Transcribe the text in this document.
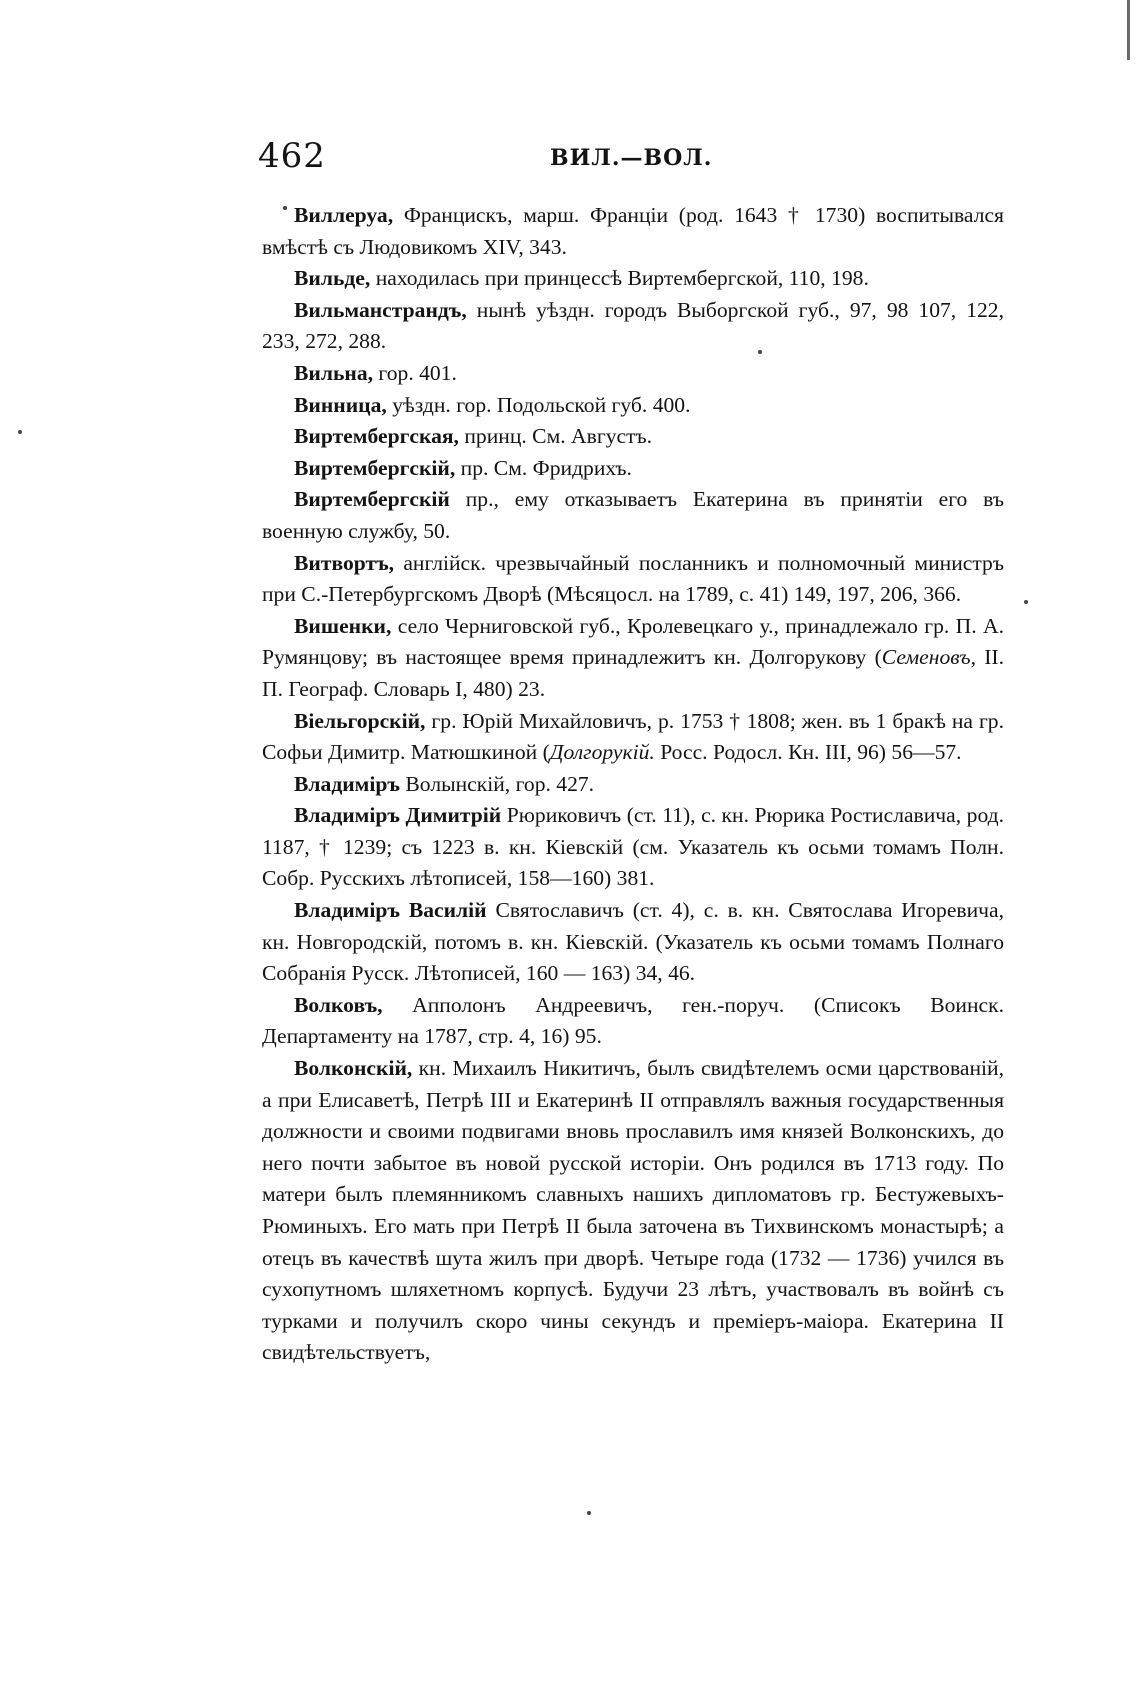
462	ВИЛ.—ВОЛ.

Виллеруа, Францискъ, марш. Франціи (род. 1643 † 1730) воспитывался вмѣстѣ съ Людовикомъ XIV, 343.

Вильде, находилась при принцессѣ Виртембергской, 110, 198.

Вильманстрандъ, нынѣ уѣздн. городъ Выборгской губ., 97, 98 107, 122, 233, 272, 288.

Вильна, гор. 401.

Винница, уѣздн. гор. Подольской губ. 400.

Виртембергская, принц. См. Августъ.

Виртембергскій, пр. См. Фридрихъ.

Виртембергскій пр., ему отказываетъ Екатерина въ принятіи его въ военную службу, 50.

Витвортъ, англійск. чрезвычайный посланникъ и полномочный министръ при С.-Петербургскомъ Дворѣ (Мѣсяцосл. на 1789, с. 41) 149, 197, 206, 366.

Вишенки, село Черниговской губ., Кролевецкаго у., принадлежало гр. П. А. Румянцову; въ настоящее время принадлежитъ кн. Долгорукову (Семеновъ, II. П. Географ. Словарь I, 480) 23.

Віельгорскій, гр. Юрій Михайловичъ, р. 1753 † 1808; жен. въ 1 бракѣ на гр. Софьи Димитр. Матюшкиной (Долгорукій. Росс. Родосл. Кн. III, 96) 56—57.

Владиміръ Волынскій, гор. 427.

Владиміръ Димитрій Рюриковичъ (ст. 11), с. кн. Рюрика Ростиславича, род. 1187, † 1239; съ 1223 в. кн. Кіевскій (см. Указатель къ осьми томамъ Полн. Собр. Русскихъ лѣтописей, 158—160) 381.

Владиміръ Василій Святославичъ (ст. 4), с. в. кн. Святослава Игоревича, кн. Новгородскій, потомъ в. кн. Кіевскій. (Указатель къ осьми томамъ Полнаго Собранія Русск. Лѣтописей, 160 — 163) 34, 46.

Волковъ, Апполонъ Андреевичъ, ген.-поруч. (Списокъ Воинск. Департаменту на 1787, стр. 4, 16) 95.

Волконскій, кн. Михаилъ Никитичъ, былъ свидѣтелемъ осми царствованій, а при Елисаветѣ, Петрѣ III и Екатеринѣ II отправлялъ важныя государственныя должности и своими подвигами вновь прославилъ имя князей Волконскихъ, до него почти забытое въ новой русской исторіи. Онъ родился въ 1713 году. По матери былъ племянникомъ славныхъ нашихъ дипломатовъ гр. Бестужевыхъ-Рюминыхъ. Его мать при Петрѣ II была заточена въ Тихвинскомъ монастырѣ; а отецъ въ качествѣ шута жилъ при дворѣ. Четыре года (1732 — 1736) учился въ сухопутномъ шляхетномъ корпусѣ. Будучи 23 лѣтъ, участвовалъ въ войнѣ съ турками и получилъ скоро чины секундъ и премiеръ-маiора. Екатерина II свидѣтельствуетъ,
